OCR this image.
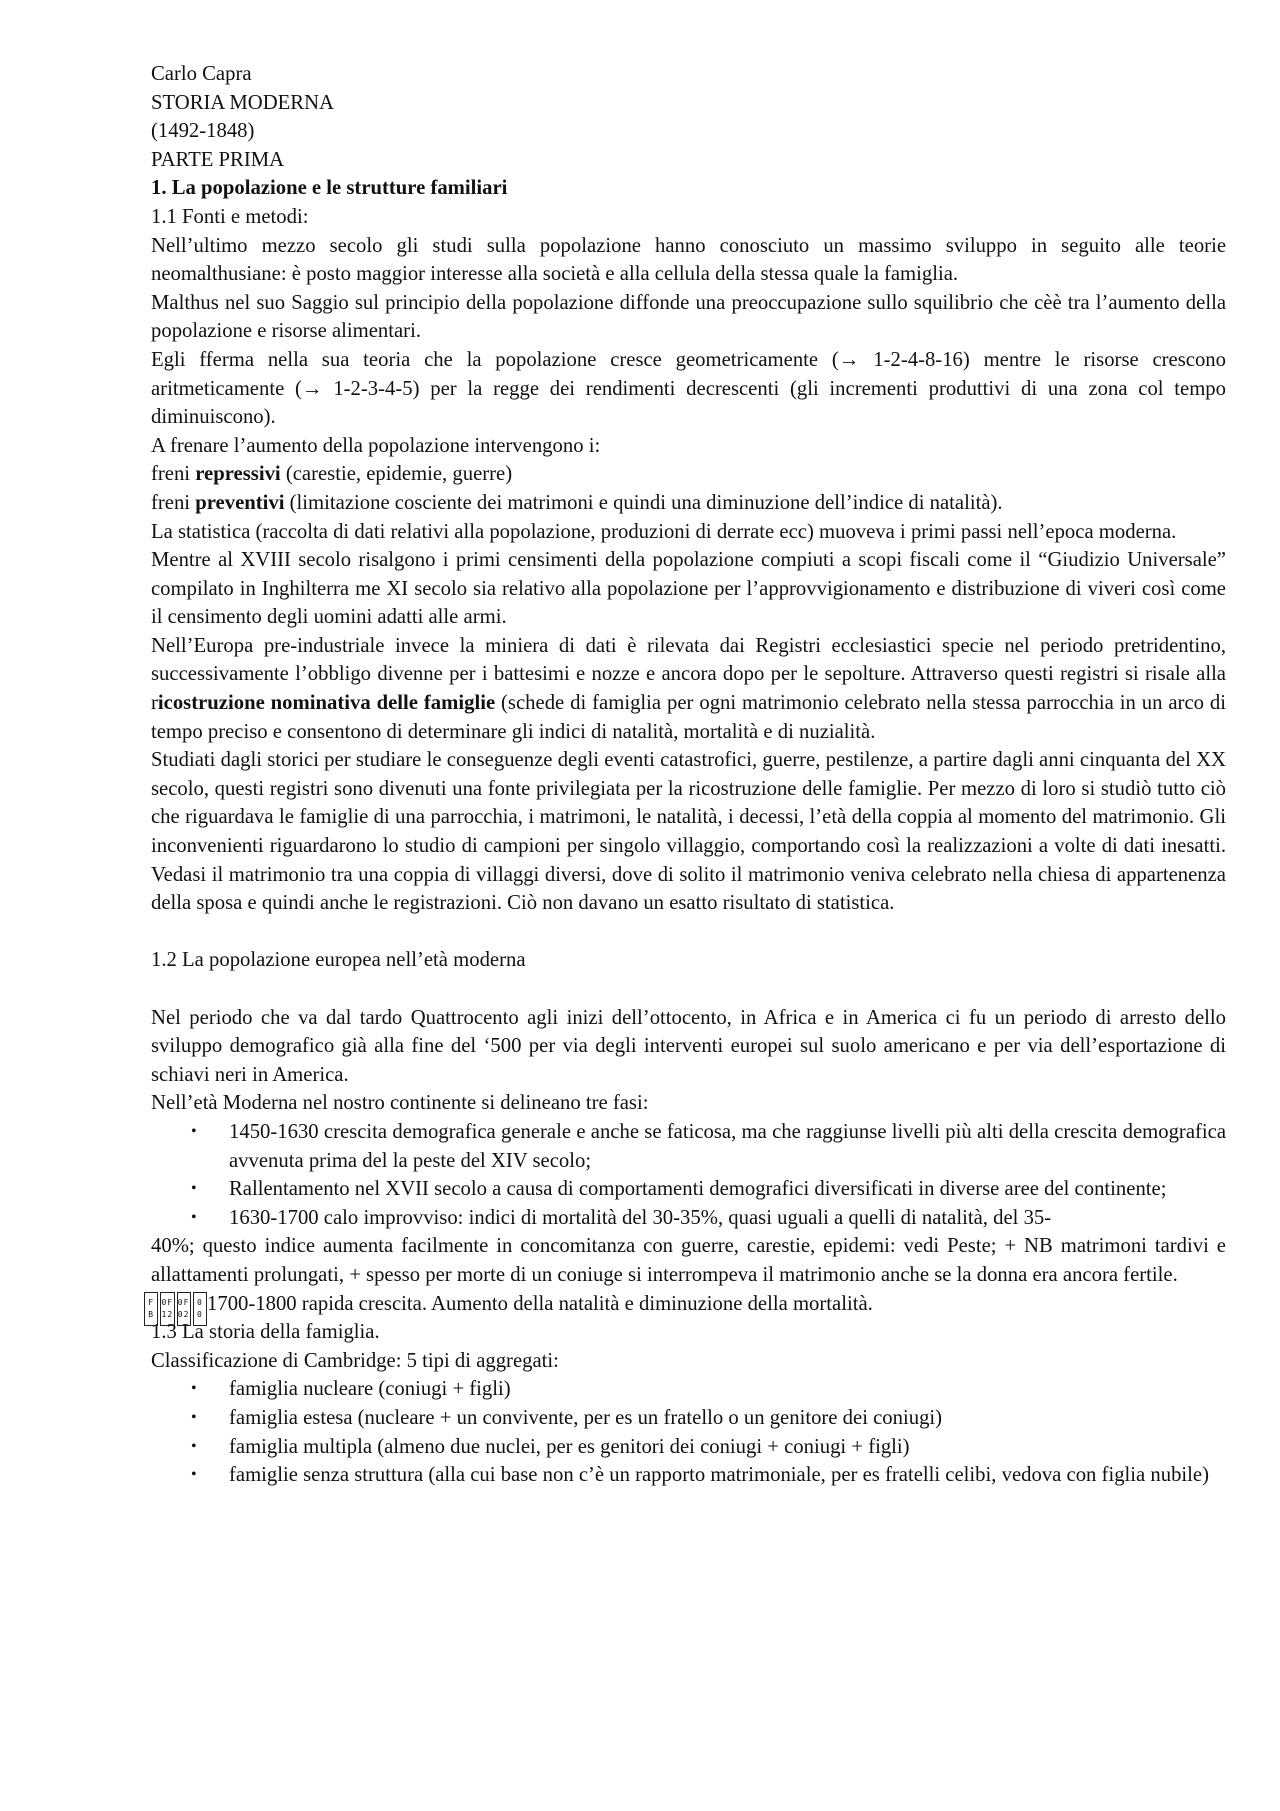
Carlo Capra

STORIA MODERNA

(1492-1848)

PARTE PRIMA

1. La popolazione e le strutture familiari

1.1 Fonti e metodi:

Nell’ultimo mezzo secolo gli studi sulla popolazione hanno conosciuto un massimo sviluppo in seguito alle teorie neomalthusiane: è posto maggior interesse alla società e alla cellula della stessa quale la famiglia.

Malthus nel suo Saggio sul principio della popolazione diffonde una preoccupazione sullo squilibrio che cèè tra l’aumento della popolazione e risorse alimentari.

Egli fferma nella sua teoria che la popolazione cresce geometricamente (→ 1-2-4-8-16) mentre le risorse crescono aritmeticamente (→ 1-2-3-4-5) per la regge dei rendimenti decrescenti (gli incrementi produttivi di una zona col tempo diminuiscono).

A frenare l’aumento della popolazione intervengono i:

freni repressivi (carestie, epidemie, guerre)

freni preventivi (limitazione cosciente dei matrimoni e quindi una diminuzione dell’indice di natalità).

La statistica (raccolta di dati relativi alla popolazione, produzioni di derrate ecc) muoveva i primi passi nell’epoca moderna.

Mentre al XVIII secolo risalgono i primi censimenti della popolazione compiuti a scopi fiscali come il “Giudizio Universale” compilato in Inghilterra me XI secolo sia relativo alla popolazione per l’approvvigionamento e distribuzione di viveri così come il censimento degli uomini adatti alle armi.

Nell’Europa pre-industriale invece la miniera di dati è rilevata dai Registri ecclesiastici specie nel periodo pretridentino, successivamente l’obbligo divenne per i battesimi e nozze e ancora dopo per le sepolture. Attraverso questi registri si risale alla ricostruzione nominativa delle famiglie (schede di famiglia per ogni matrimonio celebrato nella stessa parrocchia in un arco di tempo preciso e consentono di determinare gli indici di natalità, mortalità e di nuzialità.

Studiati dagli storici per studiare le conseguenze degli eventi catastrofici, guerre, pestilenze, a partire dagli anni cinquanta del XX secolo, questi registri sono divenuti una fonte privilegiata per la ricostruzione delle famiglie. Per mezzo di loro si studiò tutto ciò che riguardava le famiglie di una parrocchia, i matrimoni, le natalità, i decessi, l’età della coppia al momento del matrimonio. Gli inconvenienti riguardarono lo studio di campioni per singolo villaggio, comportando così la realizzazioni a volte di dati inesatti. Vedasi il matrimonio tra una coppia di villaggi diversi, dove di solito il matrimonio veniva celebrato nella chiesa di appartenenza della sposa e quindi anche le registrazioni. Ciò non davano un esatto risultato di statistica.

1.2 La popolazione europea nell’età moderna

Nel periodo che va dal tardo Quattrocento agli inizi dell’ottocento, in Africa e in America ci fu un periodo di arresto dello sviluppo demografico già alla fine del ‘500 per via degli interventi europei sul suolo americano e per via dell’esportazione di schiavi neri in America.

Nell’età Moderna nel nostro continente si delineano tre fasi:

• 1450-1630 crescita demografica generale e anche se faticosa, ma che raggiunse livelli più alti della crescita demografica avvenuta prima del la peste del XIV secolo;
• Rallentamento nel XVII secolo a causa di comportamenti demografici diversificati in diverse aree del continente;
• 1630-1700 calo improvviso: indici di mortalità del 30-35%, quasi uguali a quelli di natalità, del 35-

40%; questo indice aumenta facilmente in concomitanza con guerre, carestie, epidemi: vedi Peste; + NB matrimoni tardivi e allattamenti prolungati, + spesso per morte di un coniuge si interrompeva il matrimonio anche se la donna era ancora fertile.

F
B
0F
12
0F
02
0
0 1700-1800 rapida crescita. Aumento della natalità e diminuzione della mortalità.

1.3 La storia della famiglia.

Classificazione di Cambridge: 5 tipi di aggregati:

• famiglia nucleare (coniugi + figli)
• famiglia estesa (nucleare + un convivente, per es un fratello o un genitore dei coniugi)
• famiglia multipla (almeno due nuclei, per es genitori dei coniugi + coniugi + figli)
• famiglie senza struttura (alla cui base non c’è un rapporto matrimoniale, per es fratelli celibi, vedova con figlia nubile)
